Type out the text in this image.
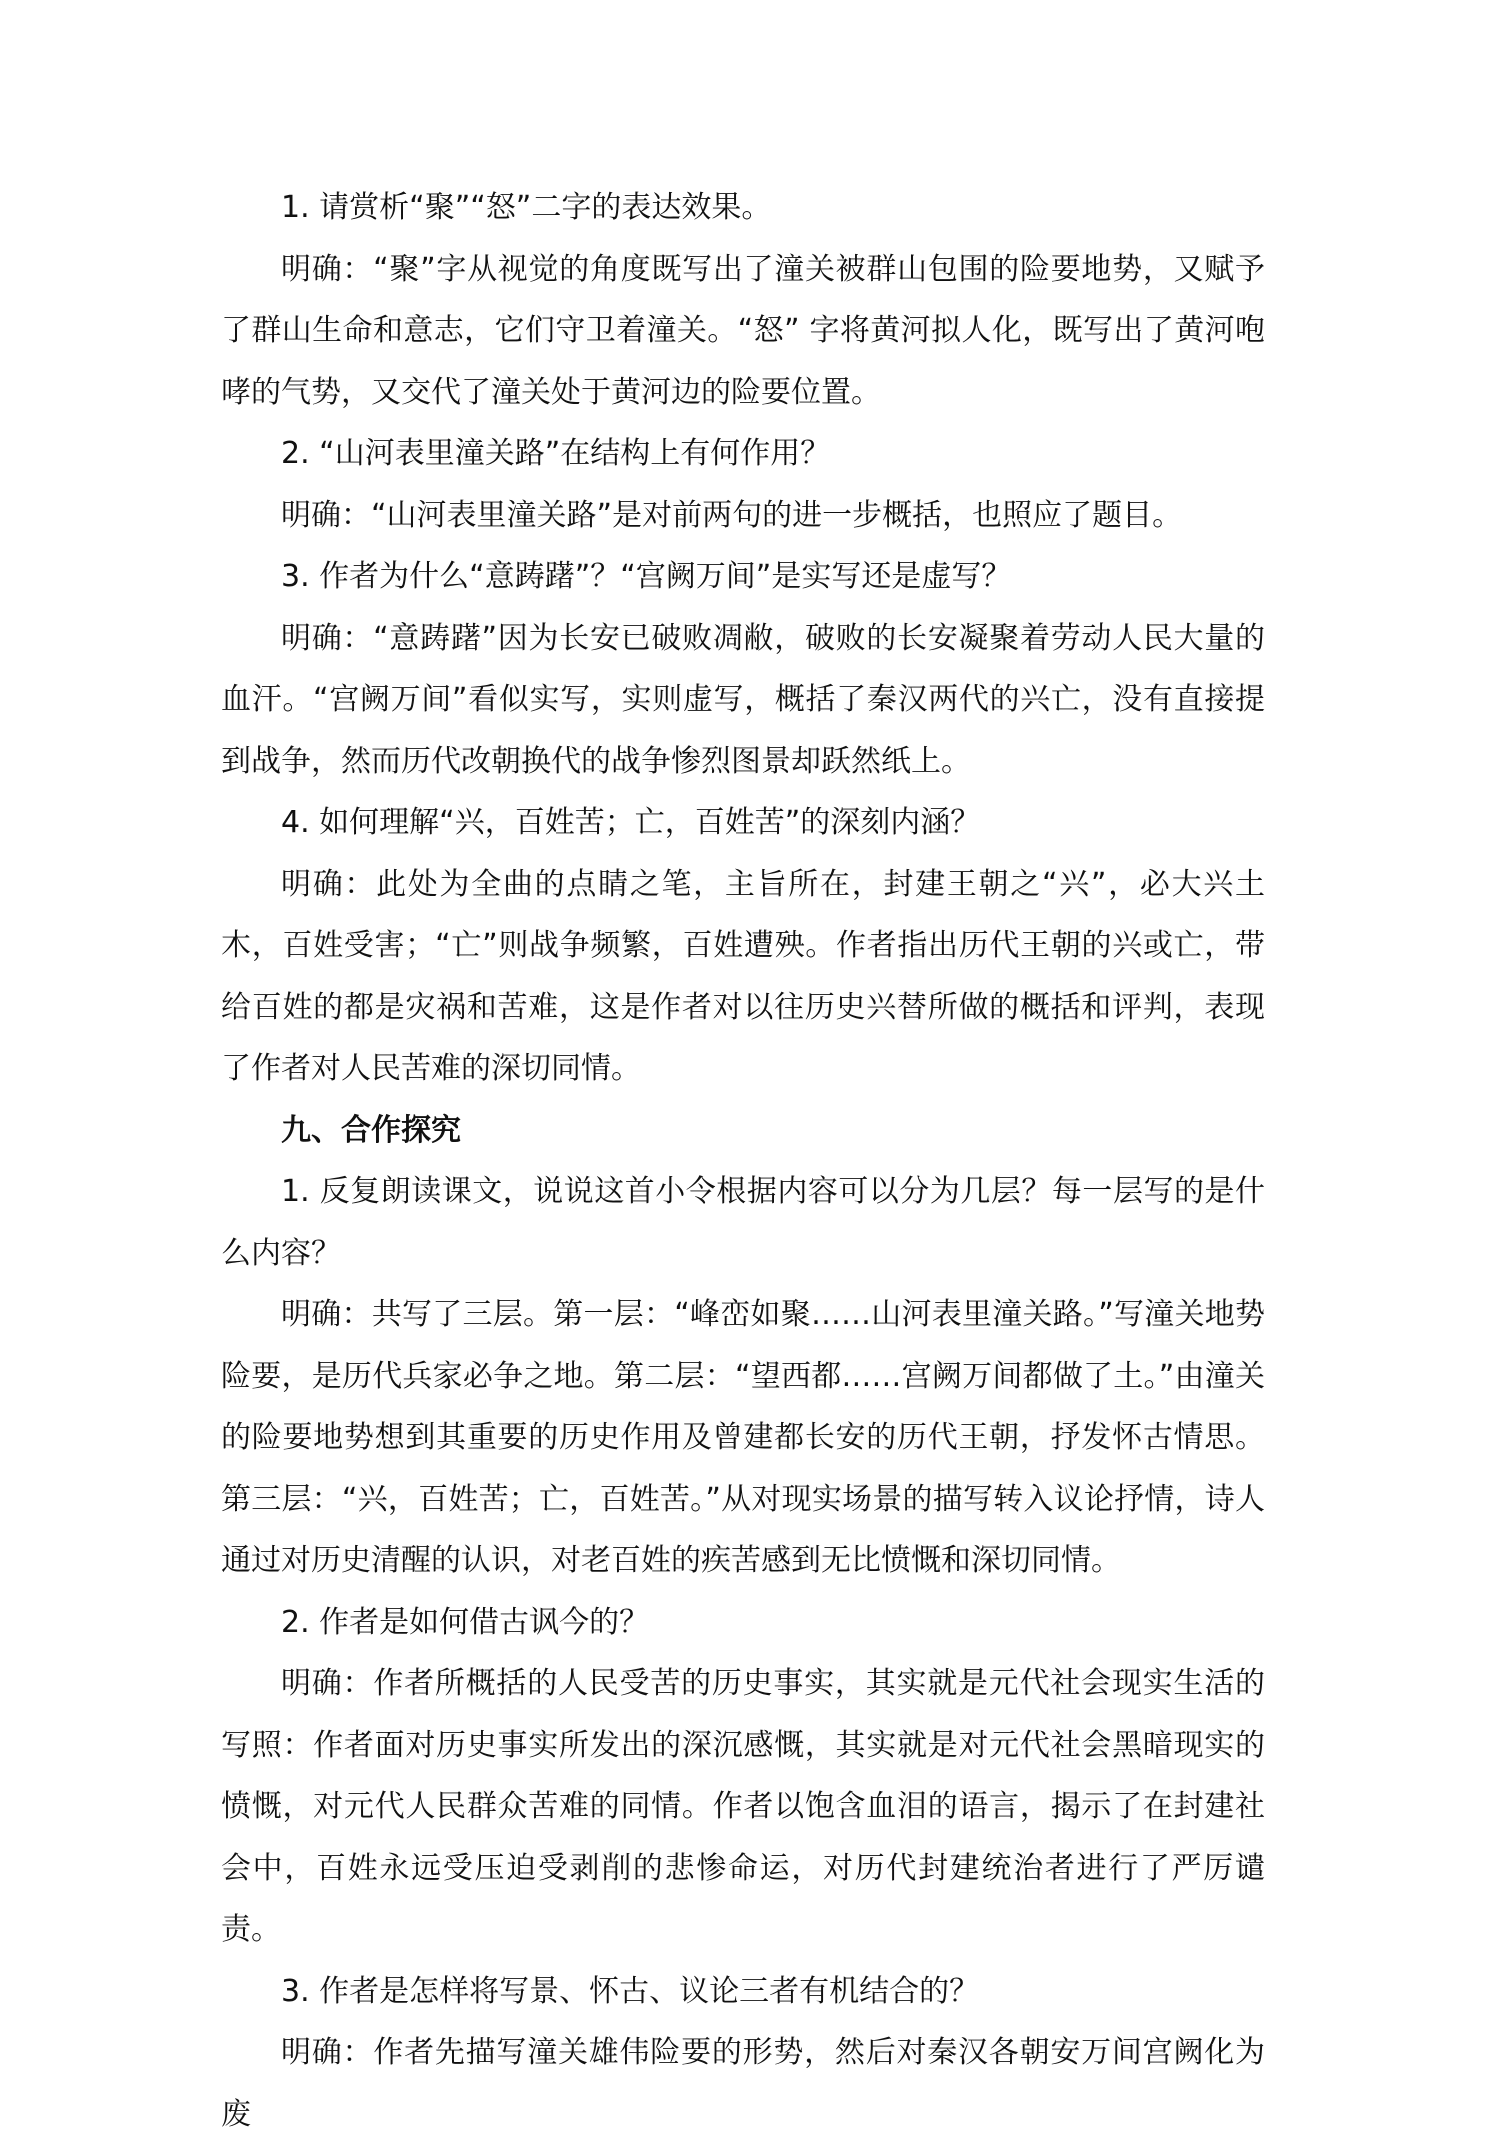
1. 请赏析“聚”“怒”二字的表达效果。

明确：“聚”字从视觉的角度既写出了潼关被群山包围的险要地势，又赋予了群山生命和意志，它们守卫着潼关。“怒” 字将黄河拟人化，既写出了黄河咆哮的气势，又交代了潼关处于黄河边的险要位置。

2. “山河表里潼关路”在结构上有何作用？

明确：“山河表里潼关路”是对前两句的进一步概括，也照应了题目。

3. 作者为什么“意踌躇”？“宫阙万间”是实写还是虚写？

明确：“意踌躇”因为长安已破败凋敝，破败的长安凝聚着劳动人民大量的血汗。“宫阙万间”看似实写，实则虚写，概括了秦汉两代的兴亡，没有直接提到战争，然而历代改朝换代的战争惨烈图景却跃然纸上。

4. 如何理解“兴，百姓苦；亡，百姓苦”的深刻内涵？

明确：此处为全曲的点睛之笔，主旨所在，封建王朝之“兴”，必大兴土木，百姓受害；“亡”则战争频繁，百姓遭殃。作者指出历代王朝的兴或亡，带给百姓的都是灾祸和苦难，这是作者对以往历史兴替所做的概括和评判，表现了作者对人民苦难的深切同情。

九、合作探究

1. 反复朗读课文，说说这首小令根据内容可以分为几层？每一层写的是什么内容？

明确：共写了三层。第一层：“峰峦如聚……山河表里潼关路。”写潼关地势险要，是历代兵家必争之地。第二层：“望西都……宫阙万间都做了土。”由潼关的险要地势想到其重要的历史作用及曾建都长安的历代王朝，抒发怀古情思。第三层：“兴，百姓苦；亡，百姓苦。”从对现实场景的描写转入议论抒情，诗人通过对历史清醒的认识，对老百姓的疾苦感到无比愤慨和深切同情。

2. 作者是如何借古讽今的？

明确：作者所概括的人民受苦的历史事实，其实就是元代社会现实生活的写照：作者面对历史事实所发出的深沉感慨，其实就是对元代社会黑暗现实的愤慨，对元代人民群众苦难的同情。作者以饱含血泪的语言，揭示了在封建社会中，百姓永远受压迫受剥削的悲惨命运，对历代封建统治者进行了严厉谴责。

3. 作者是怎样将写景、怀古、议论三者有机结合的？

明确：作者先描写潼关雄伟险要的形势，然后对秦汉各朝安万间宫阙化为废
